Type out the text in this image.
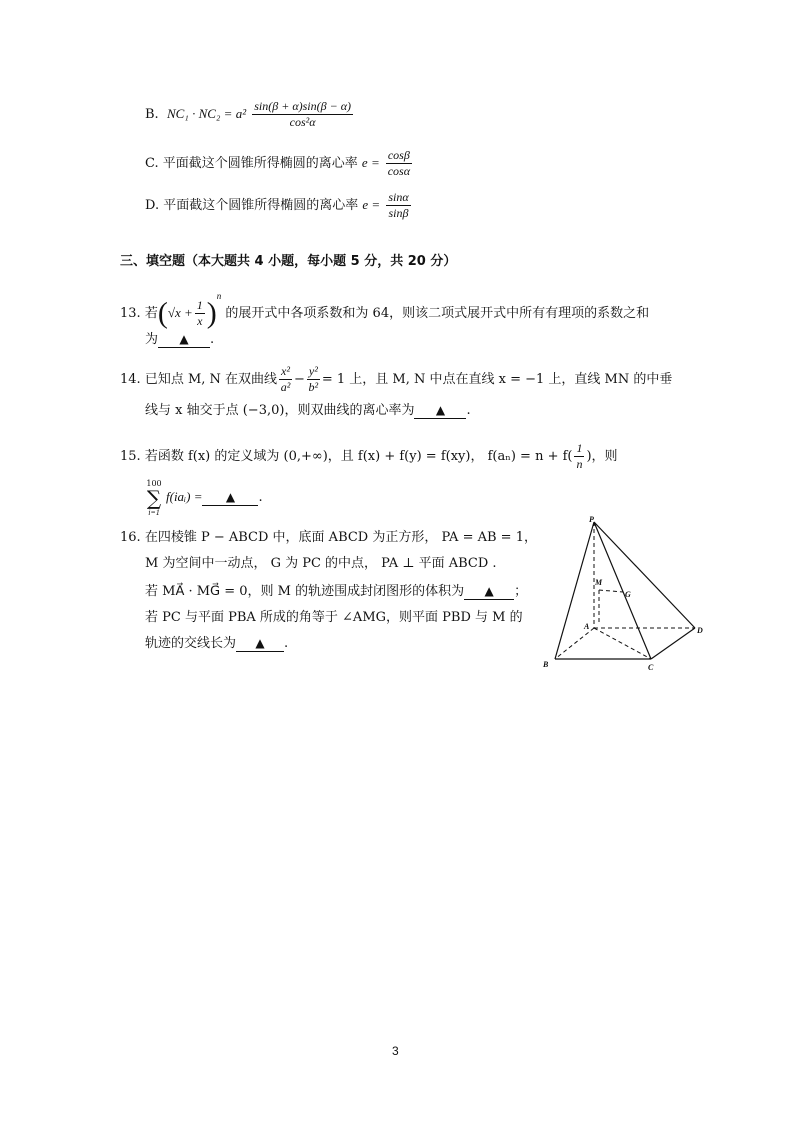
B. $NC_1 \cdot NC_2 = a^2 \frac{\sin(\beta + \alpha)\sin(\beta - \alpha)}{\text{cos²α}}$
C. 平面截这个圆锥所得椭圆的离心率 $e = \frac{\cos\beta}{\cos\alpha}$
D. 平面截这个圆锥所得椭圆的离心率 $e = \frac{\sin\alpha}{\sin\beta}$
三、填空题（本大题共 4 小题，每小题 5 分，共 20 分）
13. 若$(√x + \frac{1}{x} )^n$ 的展开式中各项系数和为 64，则该二项式展开式中所有有理项的系数之和
为 ▲ .
14. 已知点 M, N 在双曲线 $\frac{\text{x²}}{\text{a²}} - \frac{\text{y²}}{\text{b²}} = 1$ 上，且 M, N 中点在直线 x = −1 上，直线 MN 的中垂
线与 x 轴交于点 (−3,0)，则双曲线的离心率为 ▲ .
15. 若函数 f(x) 的定义域为 (0,+∞)，且 f(x) + f(y) = f(xy)， $f(a_n) = n + f( \frac{1}{n}$ )，则
100
∑
i=1
f(iaᵢ) = ▲ .
16. 在四棱锥 P − ABCD 中，底面 ABCD 为正方形， PA = AB = 1，
M 为空间中一动点， G 为 PC 的中点， PA ⊥ 平面 ABCD .
若 MA⃗ · MG⃗ = 0，则 M 的轨迹围成封闭图形的体积为 ▲ ；
若 PC 与平面 PBA 所成的角等于 ∠AMG，则平面 PBD 与 M 的
轨迹的交线长为 ▲ .
P
A
B	C
D
M
G
3
